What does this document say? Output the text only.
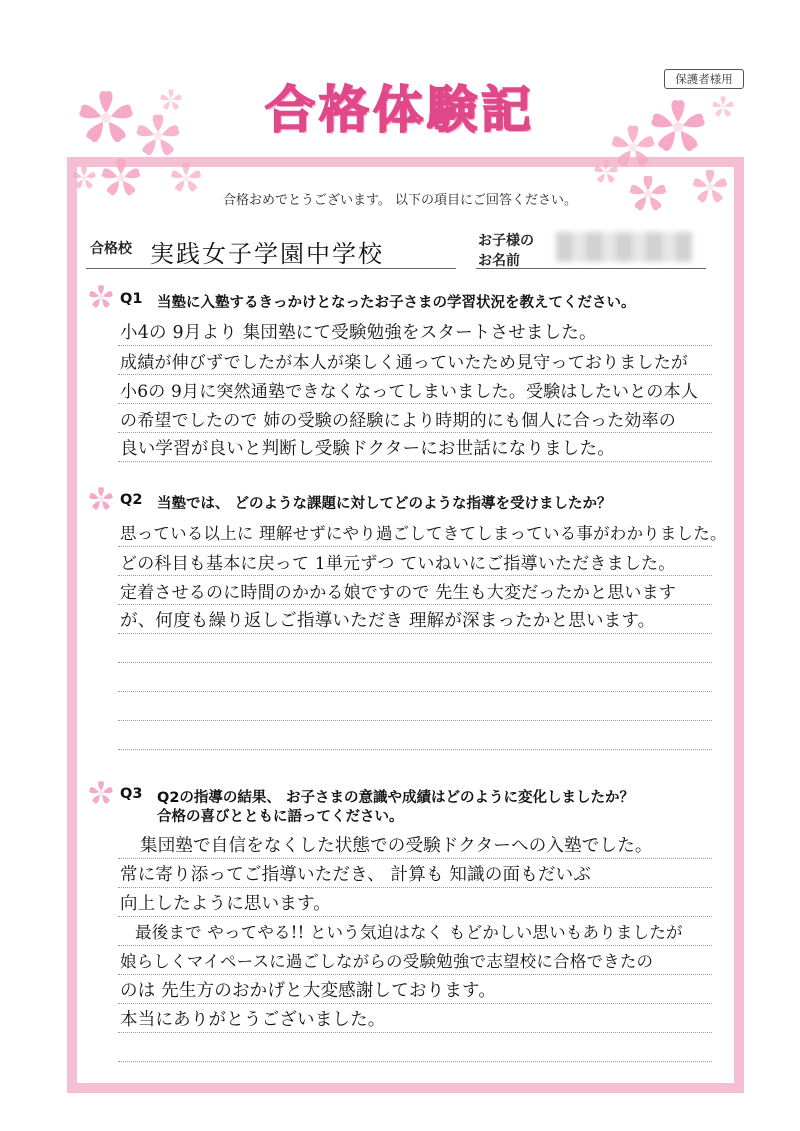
保護者様用
合格体験記
合格おめでとうございます。 以下の項目にご回答ください。
合格校 実践女子学園中学校	お子様の
お名前
Q1 当塾に入塾するきっかけとなったお子さまの学習状況を教えてください。
小4の 9月より 集団塾にて受験勉強をスタートさせました。
成績が伸びずでしたが本人が楽しく通っていたため見守っておりましたが
小6の 9月に突然通塾できなくなってしまいました。受験はしたいとの本人
の希望でしたので 姉の受験の経験により時期的にも個人に合った効率の
良い学習が良いと判断し受験ドクターにお世話になりました。
Q2 当塾では、 どのような課題に対してどのような指導を受けましたか？
思っている以上に 理解せずにやり過ごしてきてしまっている事がわかりました。
どの科目も基本に戻って 1単元ずつ ていねいにご指導いただきました。
定着させるのに時間のかかる娘ですので 先生も大変だったかと思います
が、何度も繰り返しご指導いただき 理解が深まったかと思います。
Q3 Q2の指導の結果、 お子さまの意識や成績はどのように変化しましたか？
合格の喜びとともに語ってください。
集団塾で自信をなくした状態での受験ドクターへの入塾でした。
常に寄り添ってご指導いただき、 計算も 知識の面もだいぶ
向上したように思います。
最後まで やってやる!! という気迫はなく もどかしい思いもありましたが
娘らしくマイペースに過ごしながらの受験勉強で志望校に合格できたの
のは 先生方のおかげと大変感謝しております。
本当にありがとうございました。
